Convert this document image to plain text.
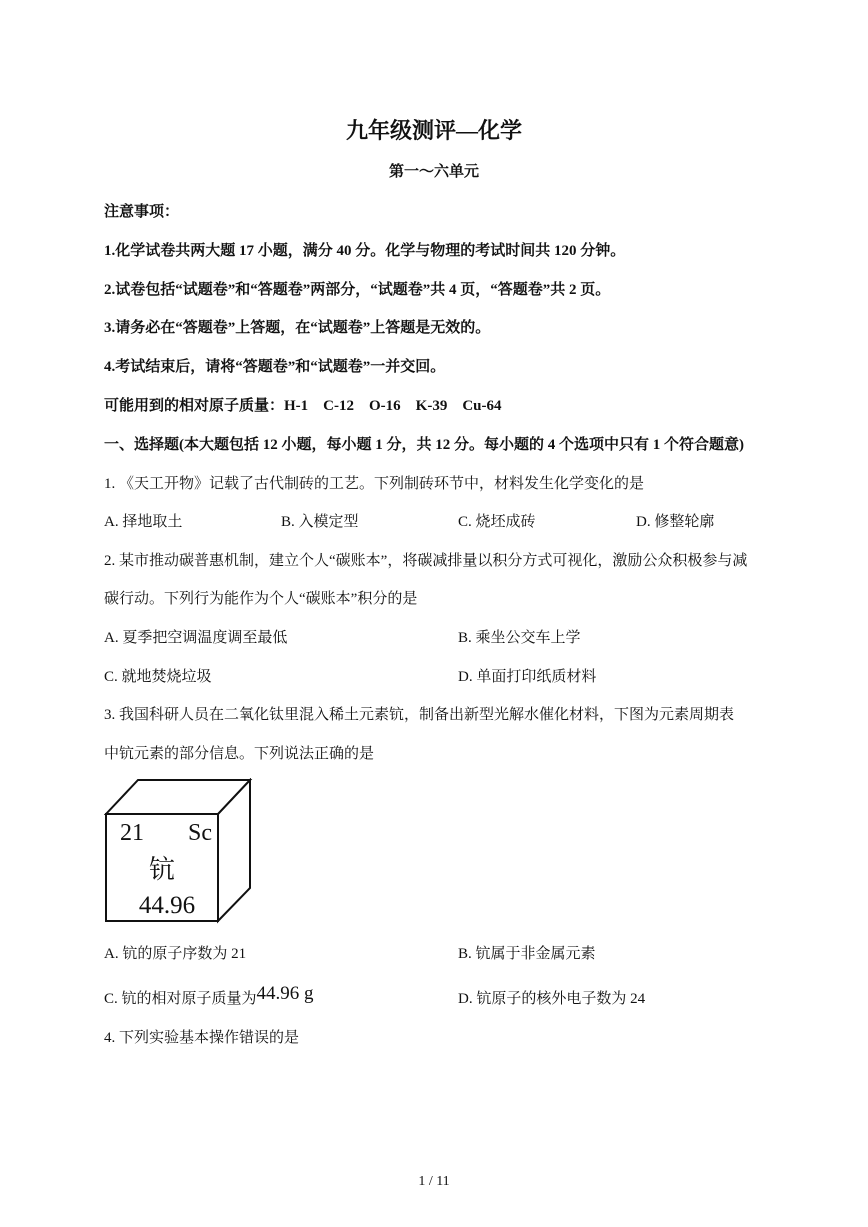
九年级测评—化学
第一～六单元
注意事项：
1.化学试卷共两大题 17 小题，满分 40 分。化学与物理的考试时间共 120 分钟。
2.试卷包括“试题卷”和“答题卷”两部分，“试题卷”共 4 页，“答题卷”共 2 页。
3.请务必在“答题卷”上答题，在“试题卷”上答题是无效的。
4.考试结束后，请将“答题卷”和“试题卷”一并交回。
可能用到的相对原子质量：H-1　C-12　O-16　K-39　Cu-64
一、选择题(本大题包括 12 小题，每小题 1 分，共 12 分。每小题的 4 个选项中只有 1 个符合题意)
1. 《天工开物》记载了古代制砖的工艺。下列制砖环节中，材料发生化学变化的是
A. 择地取土	B. 入模定型	C. 烧坯成砖	D. 修整轮廓
2. 某市推动碳普惠机制，建立个人“碳账本”，将碳减排量以积分方式可视化，激励公众积极参与减
碳行动。下列行为能作为个人“碳账本”积分的是
A. 夏季把空调温度调至最低	B. 乘坐公交车上学
C. 就地焚烧垃圾	D. 单面打印纸质材料
3. 我国科研人员在二氧化钛里混入稀土元素钪，制备出新型光解水催化材料，下图为元素周期表
中钪元素的部分信息。下列说法正确的是
21 Sc
钪
44.96
A. 钪的原子序数为 21	B. 钪属于非金属元素
C. 钪的相对原子质量为44.96 g	D. 钪原子的核外电子数为 24
4. 下列实验基本操作错误的是
1 / 11
